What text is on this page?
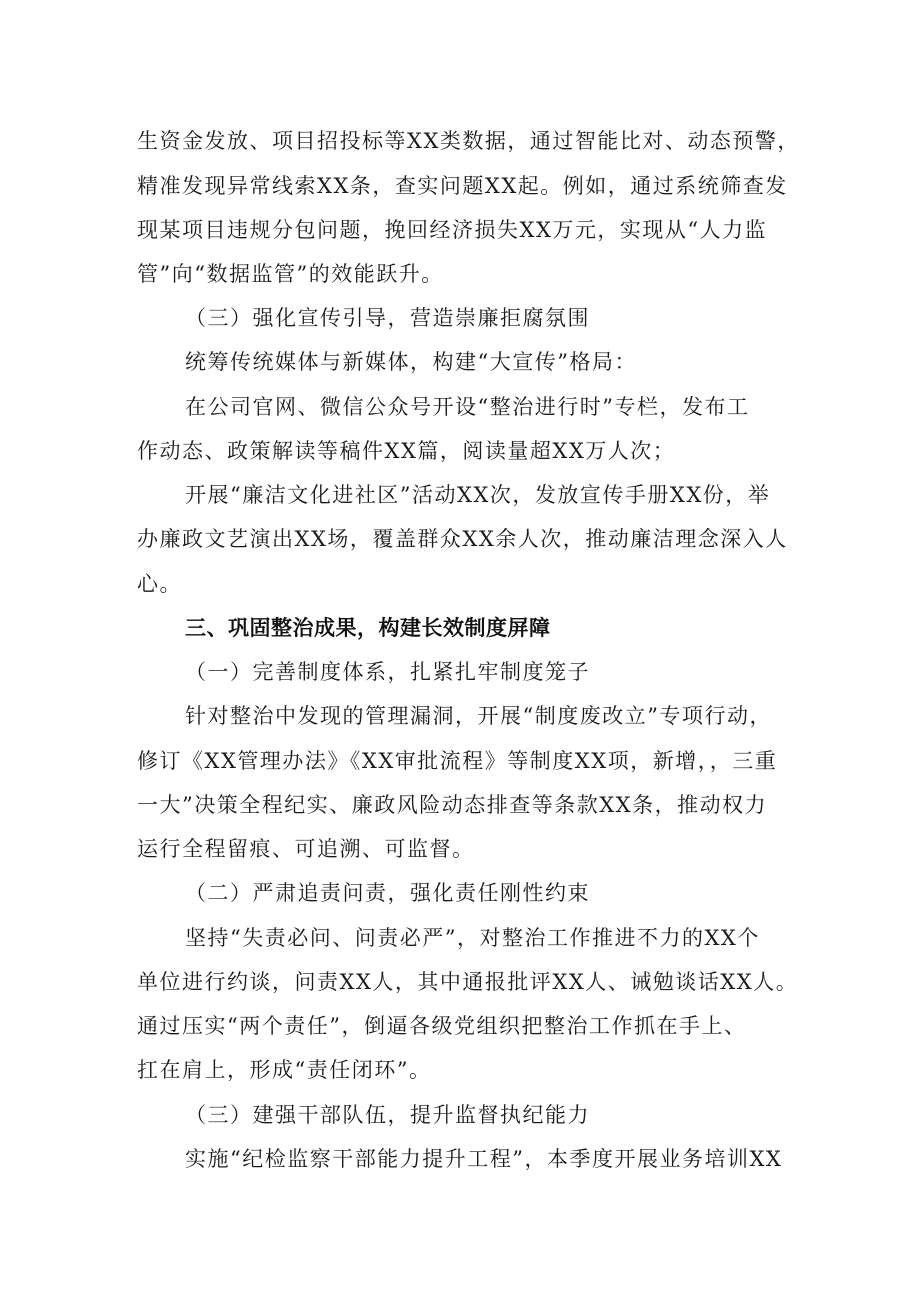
生资金发放、项目招投标等XX类数据，通过智能比对、动态预警，

精准发现异常线索XX条，查实问题XX起。例如，通过系统筛查发

现某项目违规分包问题，挽回经济损失XX万元，实现从“人力监

管”向“数据监管”的效能跃升。

（三）强化宣传引导，营造崇廉拒腐氛围

统筹传统媒体与新媒体，构建“大宣传”格局：

在公司官网、微信公众号开设“整治进行时”专栏，发布工

作动态、政策解读等稿件XX篇，阅读量超XX万人次；

开展“廉洁文化进社区”活动XX次，发放宣传手册XX份，举

办廉政文艺演出XX场，覆盖群众XX余人次，推动廉洁理念深入人

心。

三、巩固整治成果，构建长效制度屏障

（一）完善制度体系，扎紧扎牢制度笼子

针对整治中发现的管理漏洞，开展“制度废改立”专项行动，

修订《XX管理办法》《XX审批流程》等制度XX项，新增，，三重

一大”决策全程纪实、廉政风险动态排查等条款XX条，推动权力

运行全程留痕、可追溯、可监督。

（二）严肃追责问责，强化责任刚性约束

坚持“失责必问、问责必严”，对整治工作推进不力的XX个

单位进行约谈，问责XX人，其中通报批评XX人、诫勉谈话XX人。

通过压实“两个责任”，倒逼各级党组织把整治工作抓在手上、

扛在肩上，形成“责任闭环”。

（三）建强干部队伍，提升监督执纪能力

实施“纪检监察干部能力提升工程”，本季度开展业务培训XX
